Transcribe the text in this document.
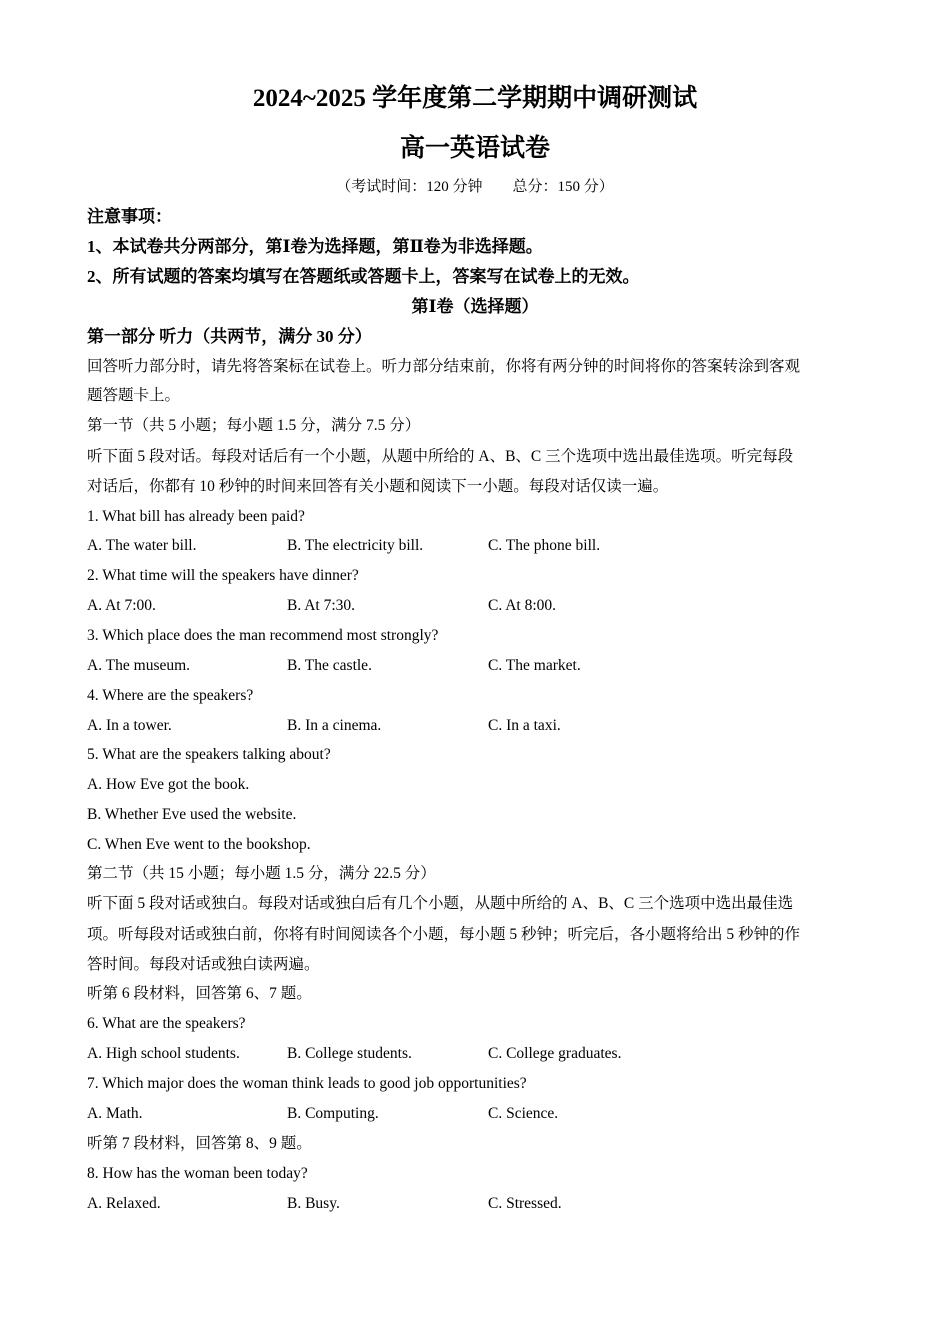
2024~2025 学年度第二学期期中调研测试
高一英语试卷
（考试时间：120 分钟　　总分：150 分）
注意事项：
1、本试卷共分两部分，第Ⅰ卷为选择题，第Ⅱ卷为非选择题。
2、所有试题的答案均填写在答题纸或答题卡上，答案写在试卷上的无效。
第Ⅰ卷（选择题）
第一部分 听力（共两节，满分 30 分）
回答听力部分时，请先将答案标在试卷上。听力部分结束前，你将有两分钟的时间将你的答案转涂到客观
题答题卡上。
第一节（共 5 小题；每小题 1.5 分，满分 7.5 分）
听下面 5 段对话。每段对话后有一个小题，从题中所给的 A、B、C 三个选项中选出最佳选项。听完每段
对话后，你都有 10 秒钟的时间来回答有关小题和阅读下一小题。每段对话仅读一遍。
1. What bill has already been paid?
A. The water bill.	B. The electricity bill.	C. The phone bill.
2. What time will the speakers have dinner?
A. At 7:00.	B. At 7:30.	C. At 8:00.
3. Which place does the man recommend most strongly?
A. The museum.	B. The castle.	C. The market.
4. Where are the speakers?
A. In a tower.	B. In a cinema.	C. In a taxi.
5. What are the speakers talking about?
A. How Eve got the book.
B. Whether Eve used the website.
C. When Eve went to the bookshop.
第二节（共 15 小题；每小题 1.5 分，满分 22.5 分）
听下面 5 段对话或独白。每段对话或独白后有几个小题，从题中所给的 A、B、C 三个选项中选出最佳选
项。听每段对话或独白前，你将有时间阅读各个小题，每小题 5 秒钟；听完后，各小题将给出 5 秒钟的作
答时间。每段对话或独白读两遍。
听第 6 段材料，回答第 6、7 题。
6. What are the speakers?
A. High school students.	B. College students.	C. College graduates.
7. Which major does the woman think leads to good job opportunities?
A. Math.	B. Computing.	C. Science.
听第 7 段材料，回答第 8、9 题。
8. How has the woman been today?
A. Relaxed.	B. Busy.	C. Stressed.
